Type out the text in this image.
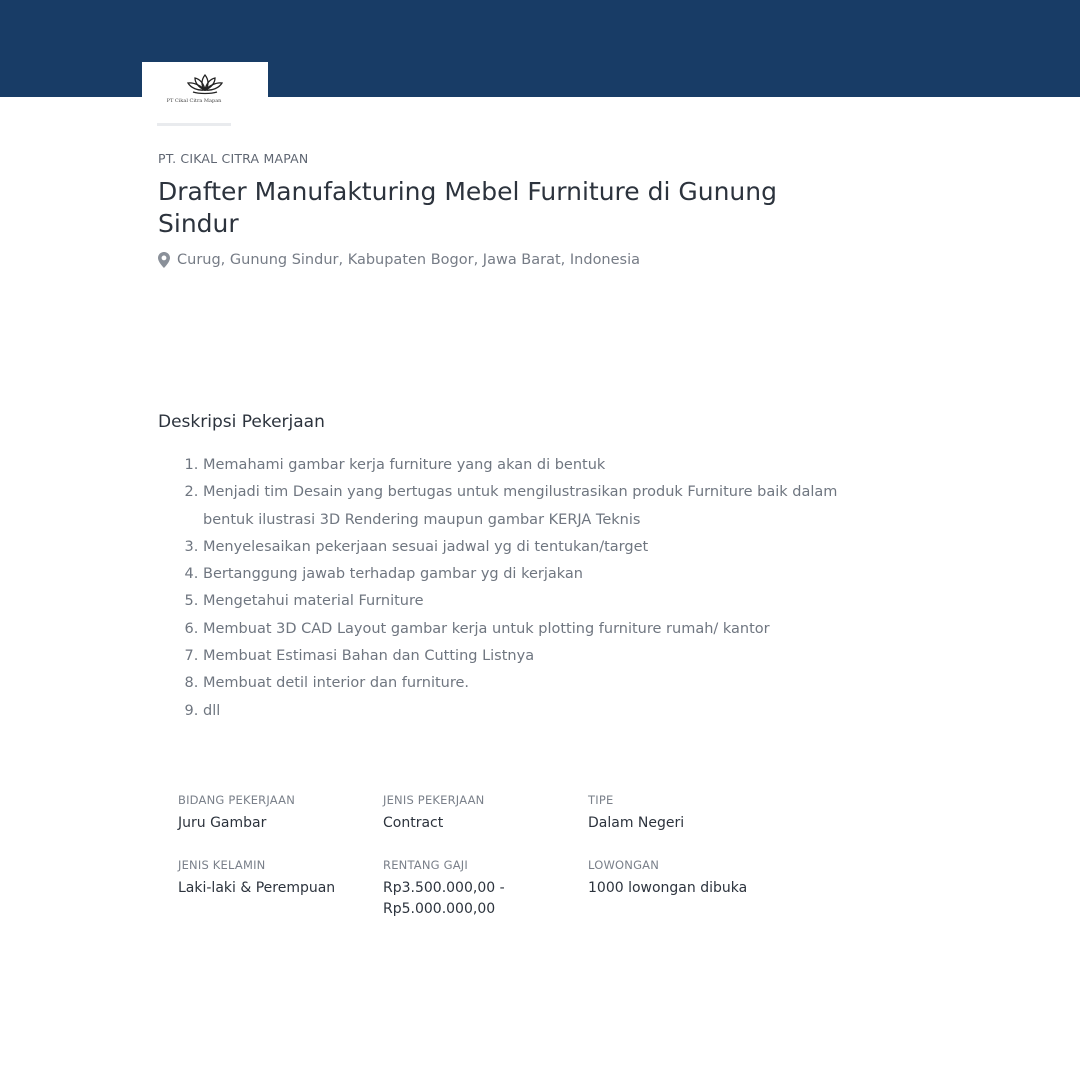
PT Cikal Citra Mapan
PT. CIKAL CITRA MAPAN
Drafter Manufakturing Mebel Furniture di Gunung Sindur
Curug, Gunung Sindur, Kabupaten Bogor, Jawa Barat, Indonesia
Deskripsi Pekerjaan
1. Memahami gambar kerja furniture yang akan di bentuk
2. Menjadi tim Desain yang bertugas untuk mengilustrasikan produk Furniture baik dalam bentuk ilustrasi 3D Rendering maupun gambar KERJA Teknis
3. Menyelesaikan pekerjaan sesuai jadwal yg di tentukan/target
4. Bertanggung jawab terhadap gambar yg di kerjakan
5. Mengetahui material Furniture
6. Membuat 3D CAD Layout gambar kerja untuk plotting furniture rumah/ kantor
7. Membuat Estimasi Bahan dan Cutting Listnya
8. Membuat detil interior dan furniture.
9. dll
BIDANG PEKERJAAN
Juru Gambar
JENIS PEKERJAAN
Contract
TIPE
Dalam Negeri
JENIS KELAMIN
Laki-laki & Perempuan
RENTANG GAJI
Rp3.500.000,00 -
Rp5.000.000,00
LOWONGAN
1000 lowongan dibuka
